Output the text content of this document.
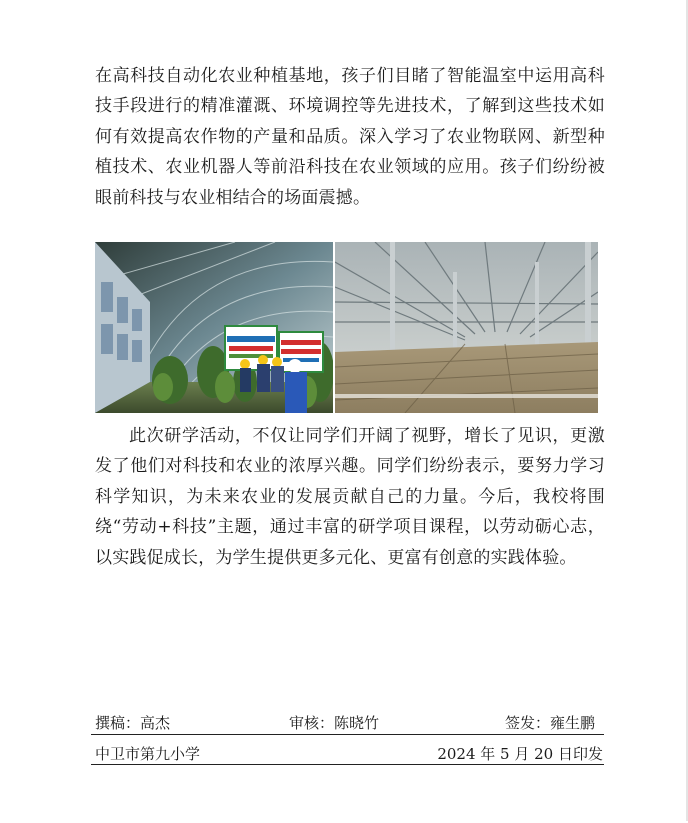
在高科技自动化农业种植基地，孩子们目睹了智能温室中运用高科技手段进行的精准灌溉、环境调控等先进技术，了解到这些技术如何有效提高农作物的产量和品质。深入学习了农业物联网、新型种植技术、农业机器人等前沿科技在农业领域的应用。孩子们纷纷被眼前科技与农业相结合的场面震撼。

此次研学活动，不仅让同学们开阔了视野，增长了见识，更激发了他们对科技和农业的浓厚兴趣。同学们纷纷表示，要努力学习科学知识，为未来农业的发展贡献自己的力量。今后，我校将围绕“劳动+科技”主题，通过丰富的研学项目课程，以劳动砺心志，以实践促成长，为学生提供更多元化、更富有创意的实践体验。

撰稿：高杰	审核：陈晓竹	签发：雍生鹏
中卫市第九小学	2024 年 5 月 20 日印发
